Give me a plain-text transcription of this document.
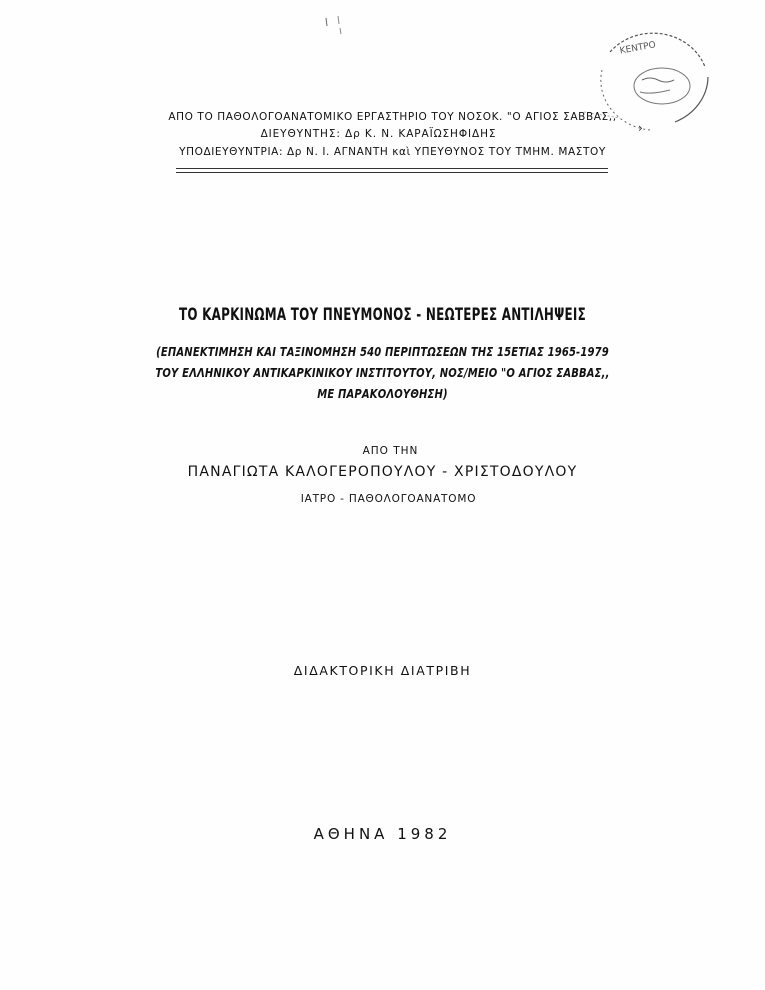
ΚΕΝΤΡΟ
›
ΑΠΟ ΤΟ ΠΑΘΟΛΟΓΟΑΝΑΤΟΜΙΚΟ ΕΡΓΑΣΤΗΡΙΟ ΤΟΥ ΝΟΣΟΚ. "Ο ΑΓΙΟΣ ΣΑΒΒΑΣ,,
ΔΙΕΥΘΥΝΤΗΣ: Δρ Κ. Ν. ΚΑΡΑΪΩΣΗΦΙΔΗΣ
ΥΠΟΔΙΕΥΘΥΝΤΡΙΑ: Δρ Ν. Ι. ΑΓΝΑΝΤΗ καὶ ΥΠΕΥΘΥΝΟΣ ΤΟΥ ΤΜΗΜ. ΜΑΣΤΟΥ
ΤΟ ΚΑΡΚΙΝΩΜΑ ΤΟΥ ΠΝΕΥΜΟΝΟΣ - ΝΕΩΤΕΡΕΣ ΑΝΤΙΛΗΨΕΙΣ
(ΕΠΑΝΕΚΤΙΜΗΣΗ ΚΑΙ ΤΑΞΙΝΟΜΗΣΗ 540 ΠΕΡΙΠΤΩΣΕΩΝ ΤΗΣ 15ΕΤΙΑΣ 1965-1979
ΤΟΥ ΕΛΛΗΝΙΚΟΥ ΑΝΤΙΚΑΡΚΙΝΙΚΟΥ ΙΝΣΤΙΤΟΥΤΟΥ, ΝΟΣ/ΜΕΙΟ "Ο ΑΓΙΟΣ ΣΑΒΒΑΣ,,
ΜΕ ΠΑΡΑΚΟΛΟΥΘΗΣΗ)
ΑΠΟ ΤΗΝ
ΠΑΝΑΓΙΩΤΑ ΚΑΛΟΓΕΡΟΠΟΥΛΟΥ - ΧΡΙΣΤΟΔΟΥΛΟΥ
ΙΑΤΡΟ - ΠΑΘΟΛΟΓΟΑΝΑΤΟΜΟ
ΔΙΔΑΚΤΟΡΙΚΗ ΔΙΑΤΡΙΒΗ
ΑΘΗΝΑ 1982
